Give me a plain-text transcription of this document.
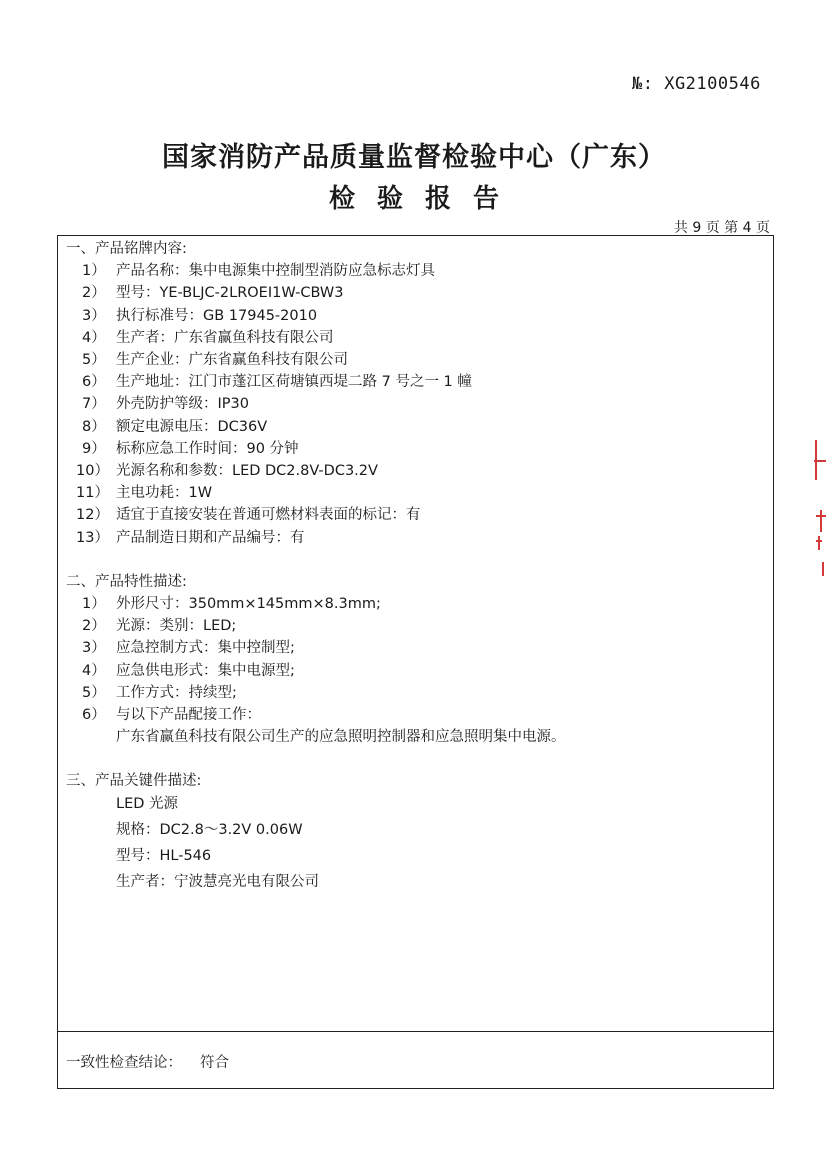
№: XG2100546
国家消防产品质量监督检验中心（广东）
检验报告
共 9 页 第 4 页
一、产品铭牌内容:
1） 产品名称：集中电源集中控制型消防应急标志灯具
2） 型号：YE-BLJC-2LROEⅠ1W-CBW3
3） 执行标准号：GB 17945-2010
4） 生产者：广东省赢鱼科技有限公司
5） 生产企业：广东省赢鱼科技有限公司
6） 生产地址：江门市蓬江区荷塘镇西堤二路 7 号之一 1 幢
7） 外壳防护等级：IP30
8） 额定电源电压：DC36V
9） 标称应急工作时间：90 分钟
10） 光源名称和参数：LED DC2.8V-DC3.2V
11） 主电功耗：1W
12） 适宜于直接安装在普通可燃材料表面的标记：有
13） 产品制造日期和产品编号：有
二、产品特性描述:
1） 外形尺寸：350mm×145mm×8.3mm;
2） 光源：类别：LED;
3） 应急控制方式：集中控制型;
4） 应急供电形式：集中电源型;
5） 工作方式：持续型;
6） 与以下产品配接工作：
广东省赢鱼科技有限公司生产的应急照明控制器和应急照明集中电源。
三、产品关键件描述:
LED 光源
规格：DC2.8～3.2V 0.06W
型号：HL-546
生产者：宁波慧亮光电有限公司
一致性检查结论： 符合
